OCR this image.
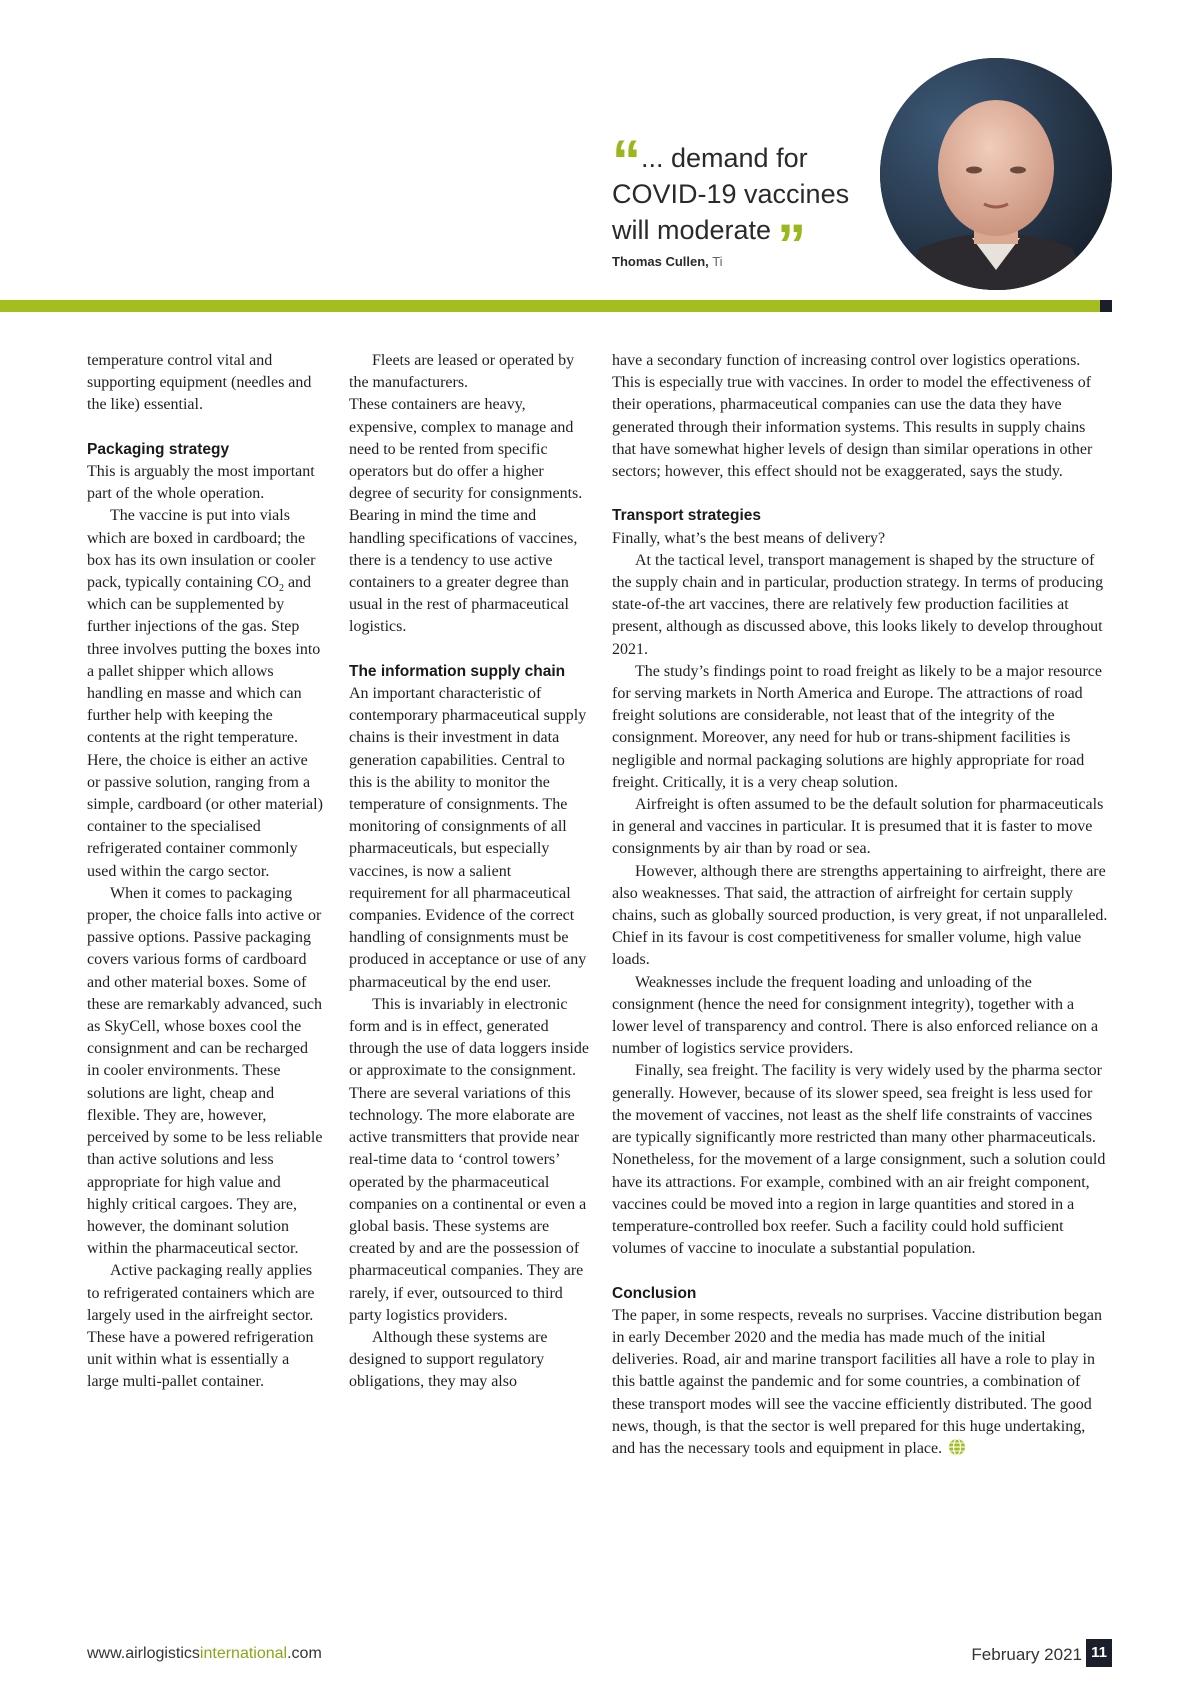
“ ... demand for
COVID-19 vaccines
will moderate ”

Thomas Cullen, Ti

temperature control vital and supporting equipment (needles and the like) essential.

Packaging strategy

This is arguably the most important part of the whole operation.

The vaccine is put into vials which are boxed in cardboard; the box has its own insulation or cooler pack, typically containing $CO_2$ and which can be supplemented by further injections of the gas. Step three involves putting the boxes into a pallet shipper which allows handling en masse and which can further help with keeping the contents at the right temperature. Here, the choice is either an active or passive solution, ranging from a simple, cardboard (or other material) container to the specialised refrigerated container commonly used within the cargo sector.

When it comes to packaging proper, the choice falls into active or passive options. Passive packaging covers various forms of cardboard and other material boxes. Some of these are remarkably advanced, such as SkyCell, whose boxes cool the consignment and can be recharged in cooler environments. These solutions are light, cheap and flexible. They are, however, perceived by some to be less reliable than active solutions and less appropriate for high value and highly critical cargoes. They are, however, the dominant solution within the pharmaceutical sector.

Active packaging really applies to refrigerated containers which are largely used in the airfreight sector. These have a powered refrigeration unit within what is essentially a large multi-pallet container.

Fleets are leased or operated by the manufacturers.

These containers are heavy, expensive, complex to manage and need to be rented from specific operators but do offer a higher degree of security for consignments. Bearing in mind the time and handling specifications of vaccines, there is a tendency to use active containers to a greater degree than usual in the rest of pharmaceutical logistics.

The information supply chain

An important characteristic of contemporary pharmaceutical supply chains is their investment in data generation capabilities. Central to this is the ability to monitor the temperature of consignments. The monitoring of consignments of all pharmaceuticals, but especially vaccines, is now a salient requirement for all pharmaceutical companies. Evidence of the correct handling of consignments must be produced in acceptance or use of any pharmaceutical by the end user.

This is invariably in electronic form and is in effect, generated through the use of data loggers inside or approximate to the consignment. There are several variations of this technology. The more elaborate are active transmitters that provide near real-time data to ‘control towers’ operated by the pharmaceutical companies on a continental or even a global basis. These systems are created by and are the possession of pharmaceutical companies. They are rarely, if ever, outsourced to third party logistics providers.

Although these systems are designed to support regulatory obligations, they may also

have a secondary function of increasing control over logistics operations. This is especially true with vaccines. In order to model the effectiveness of their operations, pharmaceutical companies can use the data they have generated through their information systems. This results in supply chains that have somewhat higher levels of design than similar operations in other sectors; however, this effect should not be exaggerated, says the study.

Transport strategies

Finally, what’s the best means of delivery?

At the tactical level, transport management is shaped by the structure of the supply chain and in particular, production strategy. In terms of producing state-of-the art vaccines, there are relatively few production facilities at present, although as discussed above, this looks likely to develop throughout 2021.

The study’s findings point to road freight as likely to be a major resource for serving markets in North America and Europe. The attractions of road freight solutions are considerable, not least that of the integrity of the consignment. Moreover, any need for hub or trans-shipment facilities is negligible and normal packaging solutions are highly appropriate for road freight. Critically, it is a very cheap solution.

Airfreight is often assumed to be the default solution for pharmaceuticals in general and vaccines in particular. It is presumed that it is faster to move consignments by air than by road or sea.

However, although there are strengths appertaining to airfreight, there are also weaknesses. That said, the attraction of airfreight for certain supply chains, such as globally sourced production, is very great, if not unparalleled. Chief in its favour is cost competitiveness for smaller volume, high value loads.

Weaknesses include the frequent loading and unloading of the consignment (hence the need for consignment integrity), together with a lower level of transparency and control. There is also enforced reliance on a number of logistics service providers.

Finally, sea freight. The facility is very widely used by the pharma sector generally. However, because of its slower speed, sea freight is less used for the movement of vaccines, not least as the shelf life constraints of vaccines are typically significantly more restricted than many other pharmaceuticals. Nonetheless, for the movement of a large consignment, such a solution could have its attractions. For example, combined with an air freight component, vaccines could be moved into a region in large quantities and stored in a temperature-controlled box reefer. Such a facility could hold sufficient volumes of vaccine to inoculate a substantial population.

Conclusion

The paper, in some respects, reveals no surprises. Vaccine distribution began in early December 2020 and the media has made much of the initial deliveries. Road, air and marine transport facilities all have a role to play in this battle against the pandemic and for some countries, a combination of these transport modes will see the vaccine efficiently distributed. The good news, though, is that the sector is well prepared for this huge undertaking, and has the necessary tools and equipment in place.

www.airlogisticsinternational.com	February 2021 11
